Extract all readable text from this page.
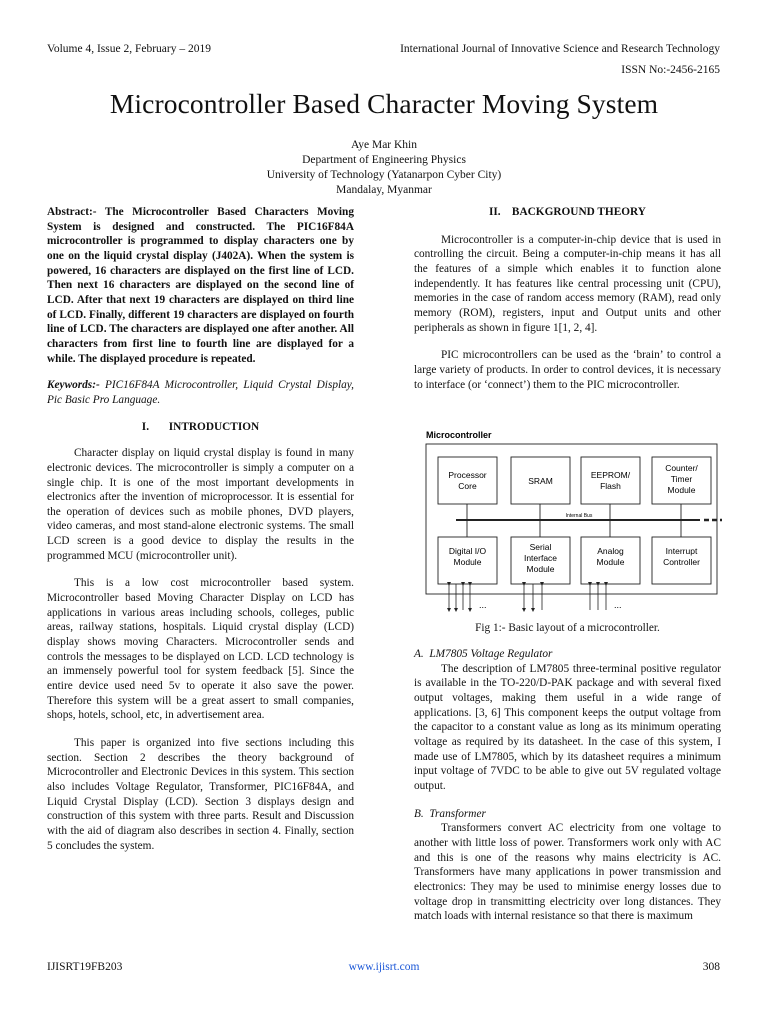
Volume 4, Issue 2, February – 2019	International Journal of Innovative Science and Research Technology
ISSN No:-2456-2165
Microcontroller Based Character Moving System
Aye Mar Khin
Department of Engineering Physics
University of Technology (Yatanarpon Cyber City)
Mandalay, Myanmar

Abstract:- The Microcontroller Based Characters Moving System is designed and constructed. The PIC16F84A microcontroller is programmed to display characters one by one on the liquid crystal display (J402A). When the system is powered, 16 characters are displayed on the first line of LCD. Then next 16 characters are displayed on the second line of LCD. After that next 19 characters are displayed on third line of LCD. Finally, different 19 characters are displayed on fourth line of LCD. The characters are displayed one after another. All characters from first line to fourth line are displayed for a while. The displayed procedure is repeated.

Keywords:- PIC16F84A Microcontroller, Liquid Crystal Display, Pic Basic Pro Language.

I.       INTRODUCTION

Character display on liquid crystal display is found in many electronic devices. The microcontroller is simply a computer on a single chip. It is one of the most important developments in electronics after the invention of microprocessor. It is essential for the operation of devices such as mobile phones, DVD players, video cameras, and most stand-alone electronic systems. The small LCD screen is a good device to display the results in the programmed MCU (microcontroller unit).

This is a low cost microcontroller based system. Microcontroller based Moving Character Display on LCD has applications in various areas including schools, colleges, public areas, railway stations, hospitals. Liquid crystal display (LCD) display shows moving Characters. Microcontroller sends and controls the messages to be displayed on LCD. LCD technology is an immensely powerful tool for system feedback [5]. Since the entire device used need 5v to operate it also save the power. Therefore this system will be a great assert to small companies, shops, hotels, school, etc, in advertisement area.

This paper is organized into five sections including this section. Section 2 describes the theory background of Microcontroller and Electronic Devices in this system. This section also includes Voltage Regulator, Transformer, PIC16F84A, and Liquid Crystal Display (LCD). Section 3 displays design and construction of this system with three parts. Result and Discussion with the aid of diagram also describes in section 4. Finally, section 5 concludes the system.

II.    BACKGROUND THEORY

Microcontroller is a computer-in-chip device that is used in controlling the circuit. Being a computer-in-chip means it has all the features of a simple which enables it to function alone independently. It has features like central processing unit (CPU), memories in the case of random access memory (RAM), read only memory (ROM), registers, input and Output units and other peripherals as shown in figure 1[1, 2, 4].

PIC microcontrollers can be used as the ‘brain’ to control a large variety of products. In order to control devices, it is necessary to interface (or ‘connect’) them to the PIC microcontroller.

Microcontroller
Internal Bus
Processor
Core	SRAM
EEPROM/
Flash
Counter/
Timer
Module
Digital I/O
Module
Serial
Interface
Module
Analog
Module
Interrupt
Controller
...	...
Fig 1:- Basic layout of a microcontroller.

A.  LM7805 Voltage Regulator

The description of LM7805 three-terminal positive regulator is available in the TO-220/D-PAK package and with several fixed output voltages, making them useful in a wide range of applications. [3, 6] This component keeps the output voltage from the capacitor to a constant value as long as its minimum operating voltage as required by its datasheet. In the case of this system, I made use of LM7805, which by its datasheet requires a minimum input voltage of 7VDC to be able to give out 5V regulated voltage output.

B.  Transformer

Transformers convert AC electricity from one voltage to another with little loss of power. Transformers work only with AC and this is one of the reasons why mains electricity is AC. Transformers have many applications in power transmission and electronics: They may be used to minimise energy losses due to voltage drop in transmitting electricity over long distances. They match loads with internal resistance so that there is maximum

IJISRT19FB203	www.ijisrt.com	308
